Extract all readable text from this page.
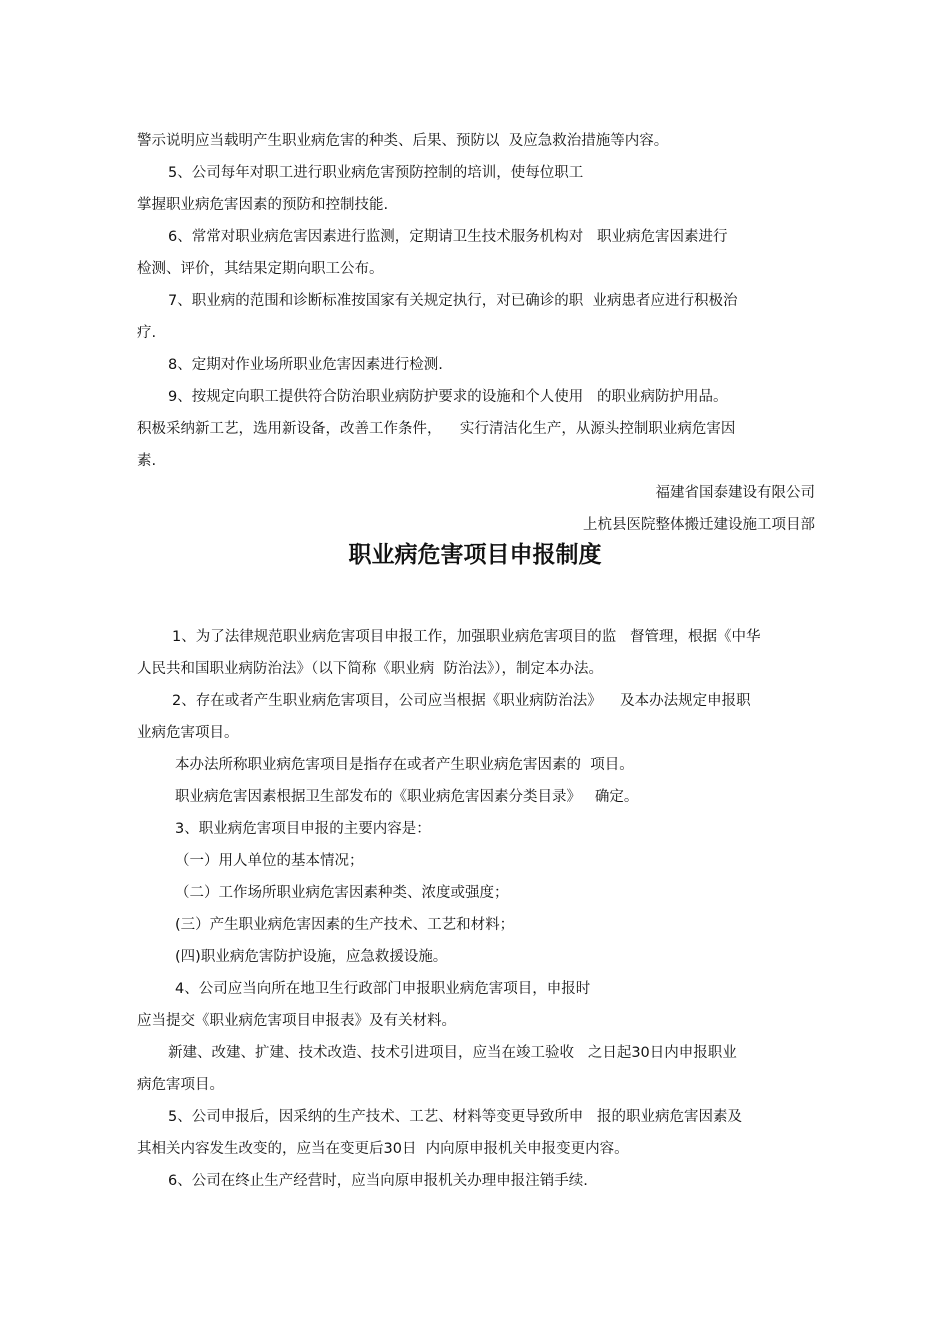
警示说明应当载明产生职业病危害的种类、后果、预防以  及应急救治措施等内容。

5、公司每年对职工进行职业病危害预防控制的培训，使每位职工

掌握职业病危害因素的预防和控制技能.

6、常常对职业病危害因素进行监测，定期请卫生技术服务机构对   职业病危害因素进行

检测、评价，其结果定期向职工公布。

7、职业病的范围和诊断标准按国家有关规定执行，对已确诊的职  业病患者应进行积极治

疗.

8、定期对作业场所职业危害因素进行检测.

9、按规定向职工提供符合防治职业病防护要求的设施和个人使用   的职业病防护用品。

积极采纳新工艺，选用新设备，改善工作条件，    实行清洁化生产，从源头控制职业病危害因

素.

福建省国泰建设有限公司

上杭县医院整体搬迁建设施工项目部

职业病危害项目申报制度

1、为了法律规范职业病危害项目申报工作，加强职业病危害项目的监   督管理，根据《中华

人民共和国职业病防治法》（以下简称《职业病  防治法》），制定本办法。

2、存在或者产生职业病危害项目，公司应当根据《职业病防治法》    及本办法规定申报职

业病危害项目。

本办法所称职业病危害项目是指存在或者产生职业病危害因素的  项目。

职业病危害因素根据卫生部发布的《职业病危害因素分类目录》   确定。

3、职业病危害项目申报的主要内容是：

（一）用人单位的基本情况；

（二）工作场所职业病危害因素种类、浓度或强度；

(三）产生职业病危害因素的生产技术、工艺和材料；

(四)职业病危害防护设施，应急救援设施。

4、公司应当向所在地卫生行政部门申报职业病危害项目，申报时

应当提交《职业病危害项目申报表》及有关材料。

新建、改建、扩建、技术改造、技术引进项目，应当在竣工验收   之日起30日内申报职业

病危害项目。

5、公司申报后，因采纳的生产技术、工艺、材料等变更导致所申   报的职业病危害因素及

其相关内容发生改变的，应当在变更后30日  内向原申报机关申报变更内容。

6、公司在终止生产经营时，应当向原申报机关办理申报注销手续.
